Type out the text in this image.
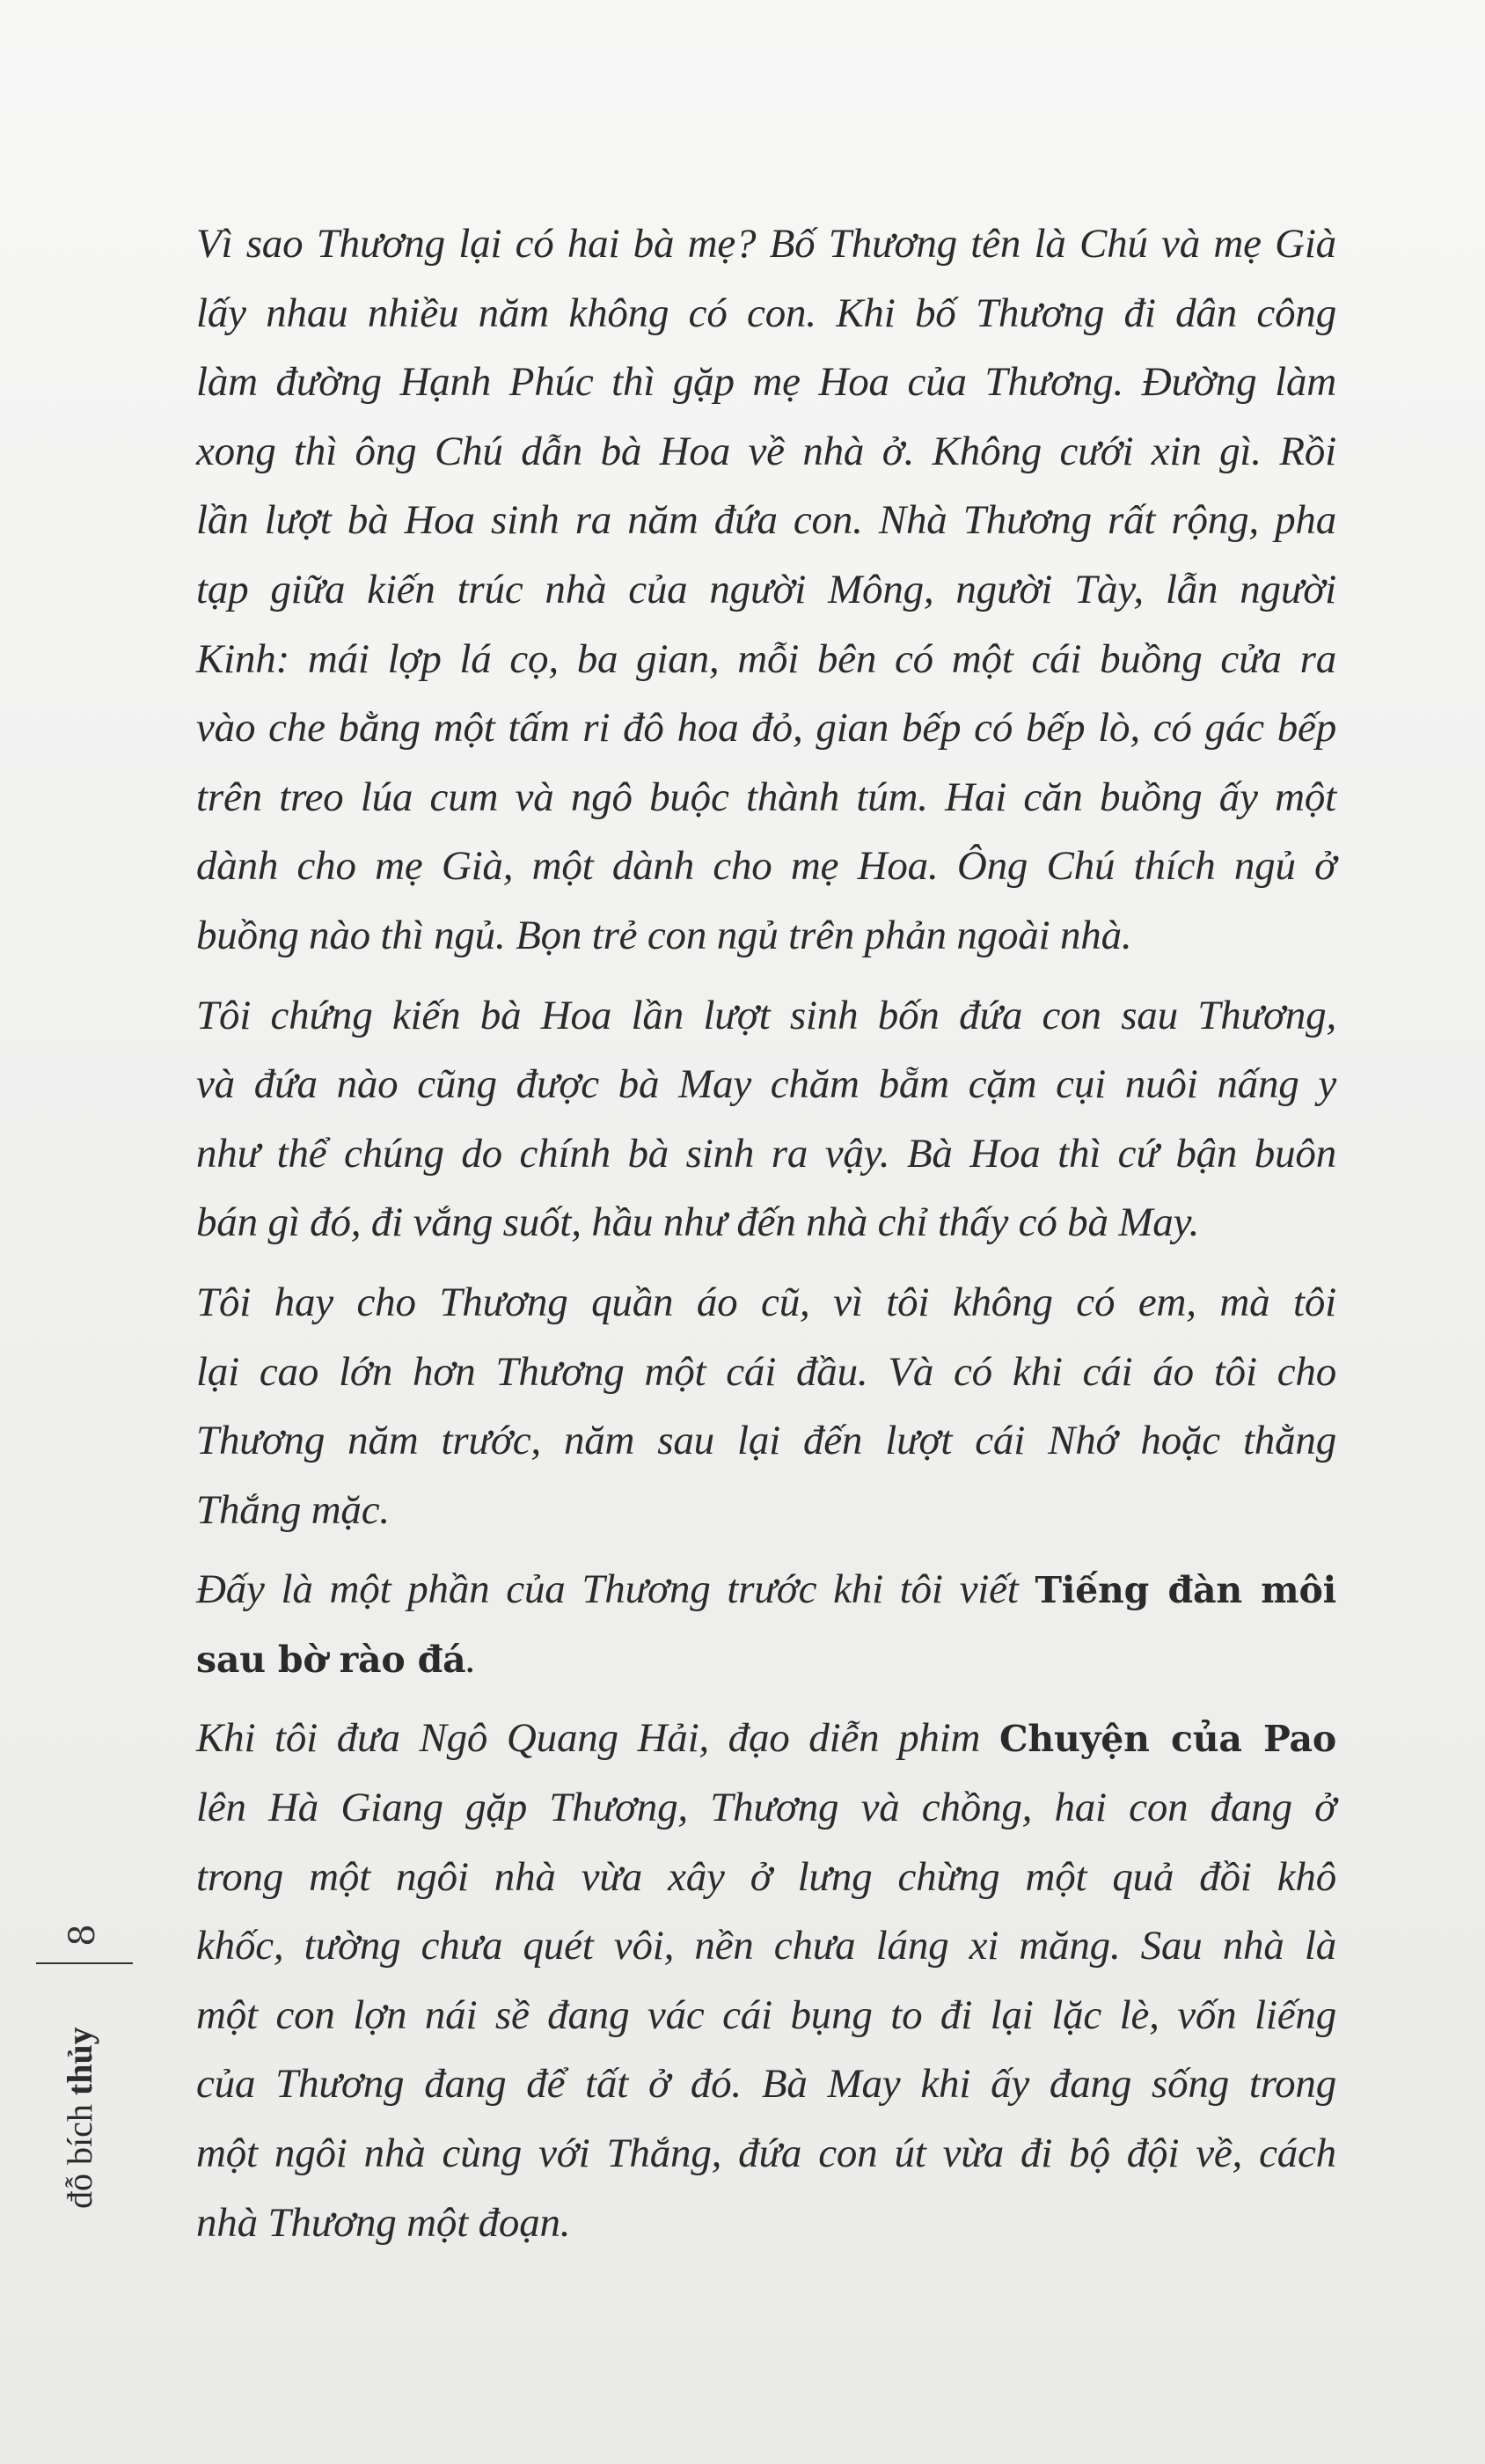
Vì sao Thương lại có hai bà mẹ? Bố Thương tên là Chú và mẹ Già
lấy nhau nhiều năm không có con. Khi bố Thương đi dân công
làm đường Hạnh Phúc thì gặp mẹ Hoa của Thương. Đường làm
xong thì ông Chú dẫn bà Hoa về nhà ở. Không cưới xin gì. Rồi
lần lượt bà Hoa sinh ra năm đứa con. Nhà Thương rất rộng, pha
tạp giữa kiến trúc nhà của người Mông, người Tày, lẫn người
Kinh: mái lợp lá cọ, ba gian, mỗi bên có một cái buồng cửa ra
vào che bằng một tấm ri đô hoa đỏ, gian bếp có bếp lò, có gác bếp
trên treo lúa cum và ngô buộc thành túm. Hai căn buồng ấy một
dành cho mẹ Già, một dành cho mẹ Hoa. Ông Chú thích ngủ ở
buồng nào thì ngủ. Bọn trẻ con ngủ trên phản ngoài nhà.
Tôi chứng kiến bà Hoa lần lượt sinh bốn đứa con sau Thương,
và đứa nào cũng được bà May chăm bẵm cặm cụi nuôi nấng y
như thể chúng do chính bà sinh ra vậy. Bà Hoa thì cứ bận buôn
bán gì đó, đi vắng suốt, hầu như đến nhà chỉ thấy có bà May.
Tôi hay cho Thương quần áo cũ, vì tôi không có em, mà tôi
lại cao lớn hơn Thương một cái đầu. Và có khi cái áo tôi cho
Thương năm trước, năm sau lại đến lượt cái Nhớ hoặc thằng
Thắng mặc.
Đấy là một phần của Thương trước khi tôi viết Tiếng đàn môi
sau bờ rào đá.
Khi tôi đưa Ngô Quang Hải, đạo diễn phim Chuyện của Pao
lên Hà Giang gặp Thương, Thương và chồng, hai con đang ở
trong một ngôi nhà vừa xây ở lưng chừng một quả đồi khô
khốc, tường chưa quét vôi, nền chưa láng xi măng. Sau nhà là
một con lợn nái sề đang vác cái bụng to đi lại lặc lè, vốn liếng
của Thương đang để tất ở đó. Bà May khi ấy đang sống trong
một ngôi nhà cùng với Thắng, đứa con út vừa đi bộ đội về, cách
nhà Thương một đoạn.
8
đỗ bích thủy
